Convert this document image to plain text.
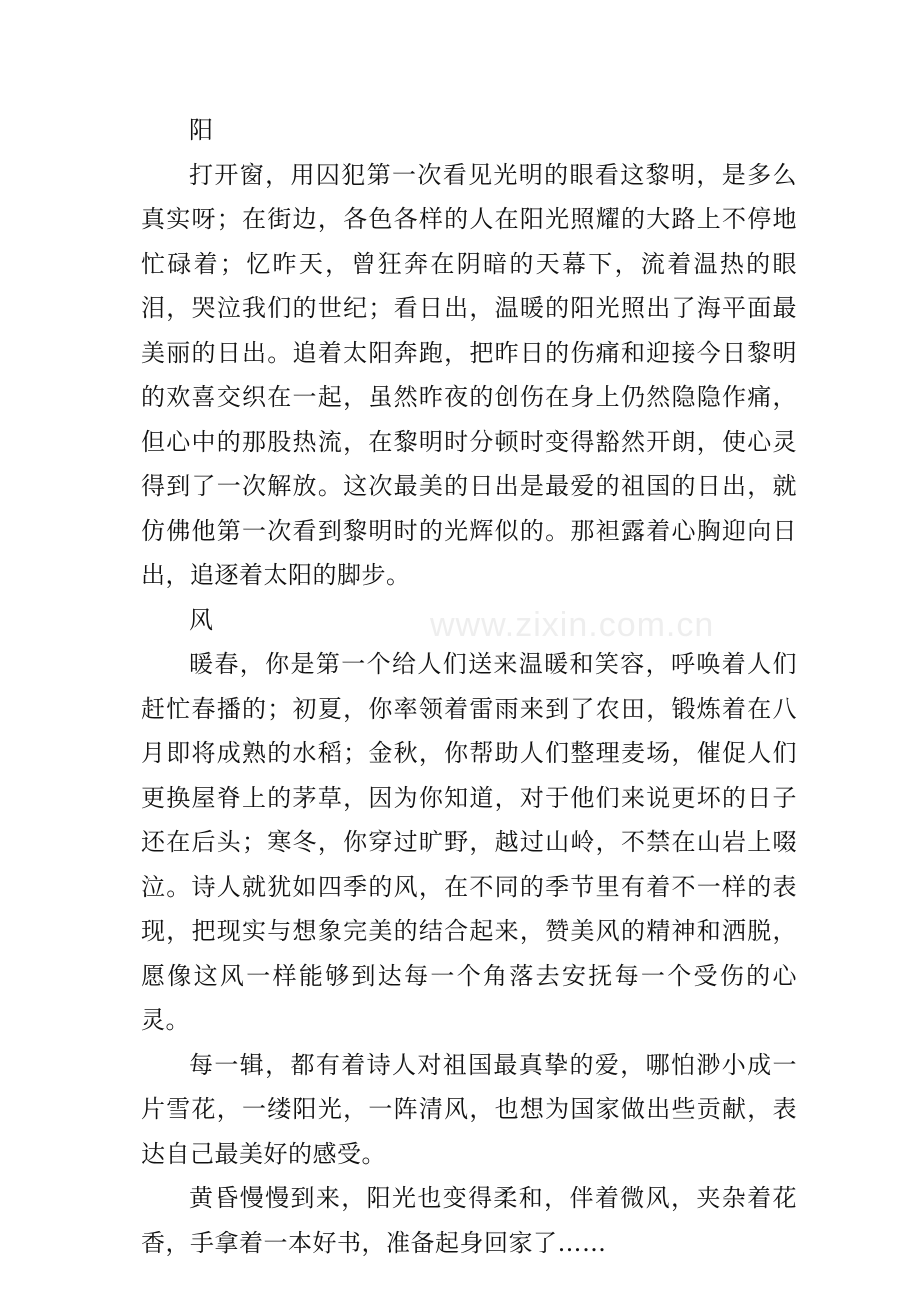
www.zixin.com.cn

阳

打开窗，用囚犯第一次看见光明的眼看这黎明，是多么真实呀；在街边，各色各样的人在阳光照耀的大路上不停地忙碌着；忆昨天，曾狂奔在阴暗的天幕下，流着温热的眼泪，哭泣我们的世纪；看日出，温暖的阳光照出了海平面最美丽的日出。追着太阳奔跑，把昨日的伤痛和迎接今日黎明的欢喜交织在一起，虽然昨夜的创伤在身上仍然隐隐作痛，但心中的那股热流，在黎明时分顿时变得豁然开朗，使心灵得到了一次解放。这次最美的日出是最爱的祖国的日出，就仿佛他第一次看到黎明时的光辉似的。那袒露着心胸迎向日出，追逐着太阳的脚步。

风

暖春，你是第一个给人们送来温暖和笑容，呼唤着人们赶忙春播的；初夏，你率领着雷雨来到了农田，锻炼着在八月即将成熟的水稻；金秋，你帮助人们整理麦场，催促人们更换屋脊上的茅草，因为你知道，对于他们来说更坏的日子还在后头；寒冬，你穿过旷野，越过山岭，不禁在山岩上啜泣。诗人就犹如四季的风，在不同的季节里有着不一样的表现，把现实与想象完美的结合起来，赞美风的精神和洒脱，愿像这风一样能够到达每一个角落去安抚每一个受伤的心灵。

每一辑，都有着诗人对祖国最真挚的爱，哪怕渺小成一片雪花，一缕阳光，一阵清风，也想为国家做出些贡献，表达自己最美好的感受。

黄昏慢慢到来，阳光也变得柔和，伴着微风，夹杂着花香，手拿着一本好书，准备起身回家了……
